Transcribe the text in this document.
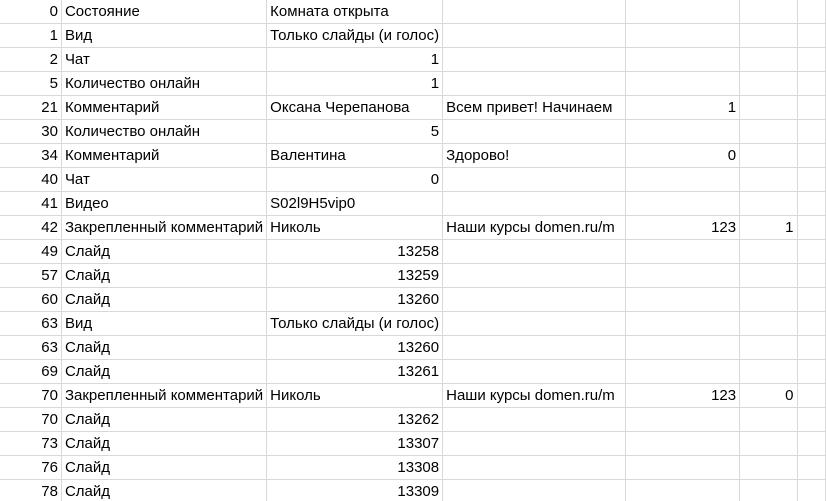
0	Состояние	Комната открыта				
1	Вид	Только слайды (и голос)				
2	Чат	1				
5	Количество онлайн	1				
21	Комментарий	Оксана Черепанова	Всем привет! Начинаем	1		
30	Количество онлайн	5				
34	Комментарий	Валентина	Здорово!	0		
40	Чат	0				
41	Видео	S02l9H5vip0				
42	Закрепленный комментарий	Николь	Наши курсы domen.ru/m	123	1	
49	Слайд	13258				
57	Слайд	13259				
60	Слайд	13260				
63	Вид	Только слайды (и голос)				
63	Слайд	13260				
69	Слайд	13261				
70	Закрепленный комментарий	Николь	Наши курсы domen.ru/m	123	0	
70	Слайд	13262				
73	Слайд	13307				
76	Слайд	13308				
78	Слайд	13309				
